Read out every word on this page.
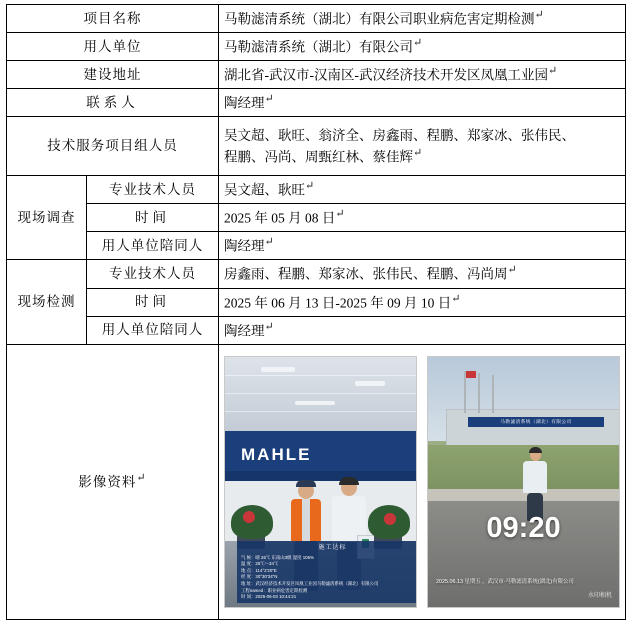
项目名称		马勒滤清系统（湖北）有限公司职业病危害定期检测↵
用人单位		马勒滤清系统（湖北）有限公司↵
建设地址		湖北省-武汉市-汉南区-武汉经济技术开发区凤凰工业园↵
联系人		陶经理↵
技术服务项目组人员		吴文超、耿旺、翁济全、房鑫雨、程鹏、郑家冰、张伟民、
程鹏、冯尚、周甄红林、蔡佳辉↵

现场调查	专业技术人员	吴文超、耿旺↵
	时间	2025 年 05 月 08 日↵
	用人单位陪同人	陶经理↵
现场检测	专业技术人员	房鑫雨、程鹏、郑家冰、张伟民、程鹏、冯尚周↵
	时间	2025 年 06 月 13 日-2025 年 09 月 10 日↵
	用人单位陪同人	陶经理↵
影像资料↵	
MAHLE
施工达标
气 候：晴 26℃ 东南山3级 湿度 105%
温 度：25℃～34℃
地 点：114°2'20"E
经 度：30°30'34"N
地 址：武汉经济技术开发区凤凰工业园马勒滤清系统（湖北）有限公司
工程named：职业病危害定期检测
时 间：2025-06-03 10:44:21
马勒滤清系统（湖北）有限公司
09:20
2025.06.13 星期五 ，武汉市·马勒滤清系统(湖北)有限公司
水印相机
